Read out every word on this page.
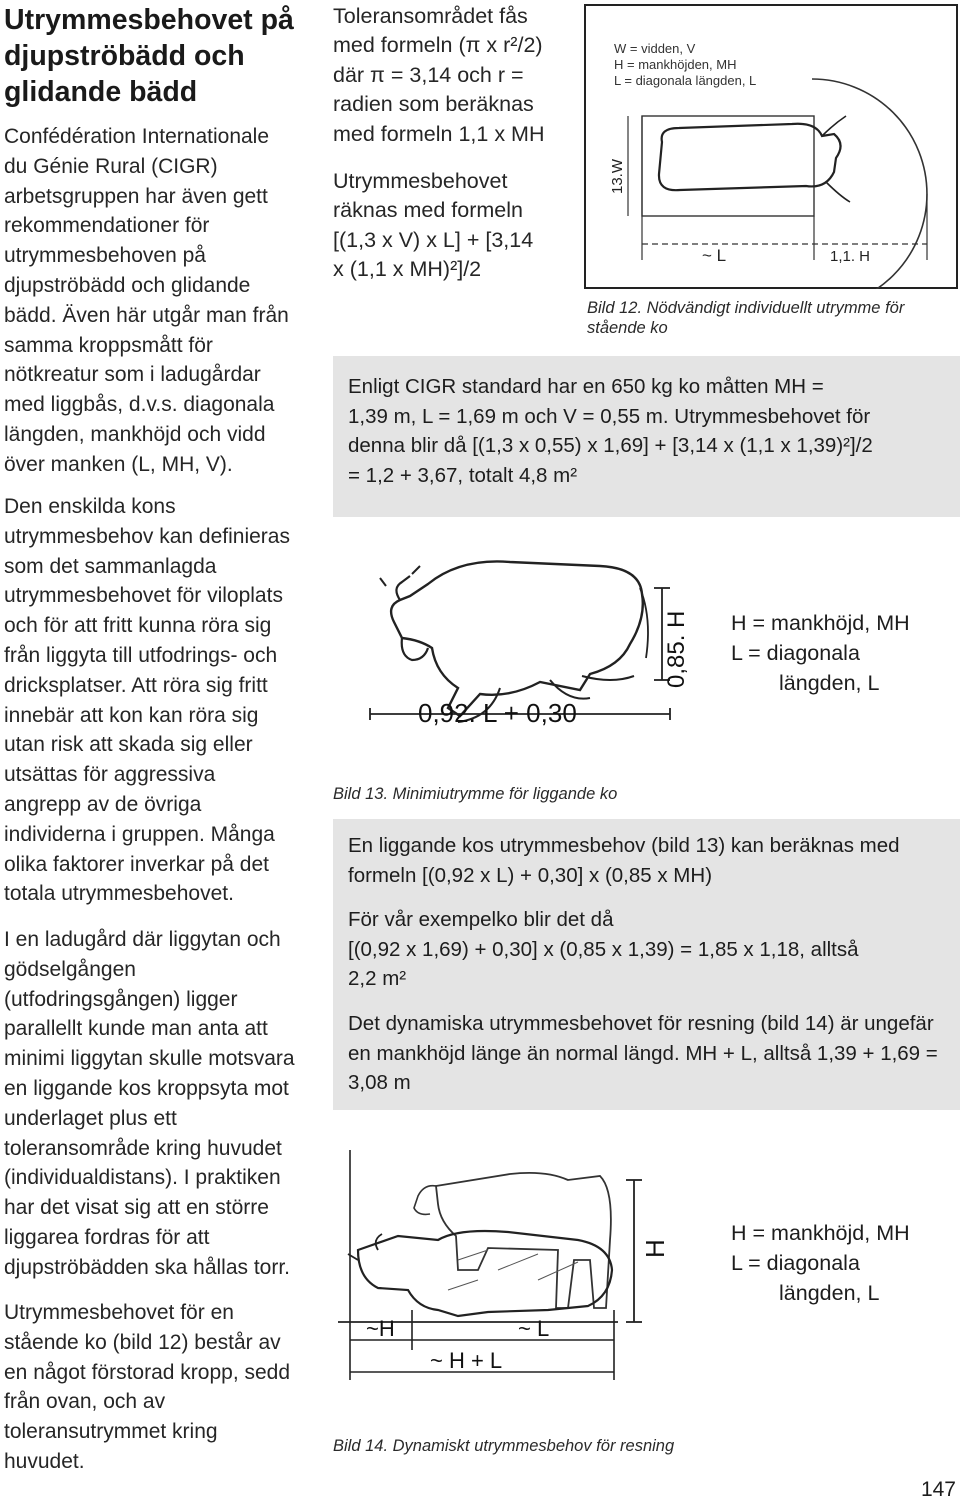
Utrymmesbehovet på djupströbädd och glidande bädd

Confédération Internationale du Génie Rural (CIGR) arbetsgruppen har även gett rekommendationer för utrymmesbehoven på djupströbädd och glidande bädd. Även här utgår man från samma kroppsmått för nötkreatur som i ladugårdar med liggbås, d.v.s. diagonala längden, mankhöjd och vidd över manken (L, MH, V).

Den enskilda kons utrymmesbehov kan definieras som det sammanlagda utrymmesbehovet för viloplats och för att fritt kunna röra sig från liggyta till utfodrings- och dricksplatser. Att röra sig fritt innebär att kon kan röra sig utan risk att skada sig eller utsättas för aggressiva angrepp av de övriga individerna i gruppen. Många olika faktorer inverkar på det totala utrymmesbehovet.

I en ladugård där liggytan och gödselgången (utfodringsgången) ligger parallellt kunde man anta att minimi liggytan skulle motsvara en liggande kos kroppsyta mot underlaget plus ett toleransområde kring huvudet (individualdistans). I praktiken har det visat sig att en större liggarea fordras för att djupströbädden ska hållas torr.

Utrymmesbehovet för en stående ko (bild 12) består av en något förstorad kropp, sedd från ovan, och av toleransutrymmet kring huvudet.

Toleransområdet fås med formeln (π x r²/2) där π = 3,14 och r = radien som beräknas med formeln 1,1 x MH

Utrymmesbehovet räknas med formeln [(1,3 x V) x L] + [3,14 x (1,1 x MH)²]/2

W = vidden, V
H = mankhöjden, MH
L = diagonala längden, L
13.W
~ L	1,1. H

Bild 12. Nödvändigt individuellt utrymme för stående ko

Enligt CIGR standard har en 650 kg ko måtten MH =

1,39 m, L = 1,69 m och V = 0,55 m. Utrymmesbehovet för

denna blir då [(1,3 x 0,55) x 1,69] + [3,14 x (1,1 x 1,39)²]/2

= 1,2 + 3,67, totalt 4,8 m²

0,85. H
0,92. L + 0,30

Bild 13. Minimiutrymme för liggande ko

H = mankhöjd, MH

L = diagonala

längden, L

En liggande kos utrymmesbehov (bild 13) kan beräknas med formeln [(0,92 x L) + 0,30] x (0,85 x MH)

För vår exempelko blir det då

[(0,92 x 1,69) + 0,30] x (0,85 x 1,39) = 1,85 x 1,18, alltså

2,2 m²

Det dynamiska utrymmesbehovet för resning (bild 14) är ungefär en mankhöjd länge än normal längd. MH + L, alltså 1,39 + 1,69 = 3,08 m

H
~H	~ L
~ H + L

Bild 14. Dynamiskt utrymmesbehov för resning

H = mankhöjd, MH

L = diagonala

längden, L

147
